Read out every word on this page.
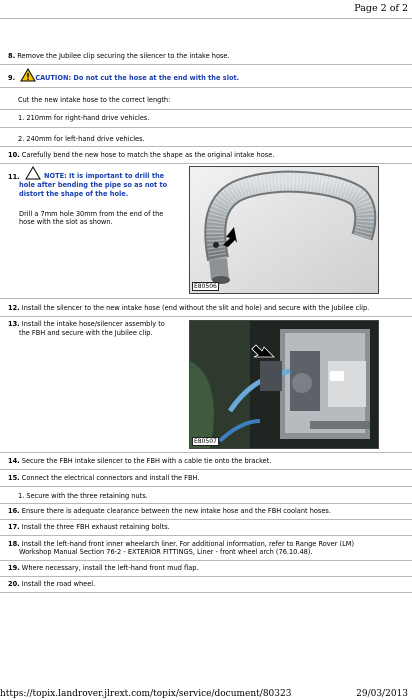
Page 2 of 2
8. Remove the Jubilee clip securing the silencer to the intake hose.
9.	CAUTION: Do not cut the hose at the end with the slot.
Cut the new intake hose to the correct length:
1. 210mm for right-hand drive vehicles.
2. 240mm for left-hand drive vehicles.
10. Carefully bend the new hose to match the shape as the original intake hose.
11.	NOTE: It is important to drill the
hole after bending the pipe so as not to
distort the shape of the hole.
Drill a 7mm hole 30mm from the end of the
hose with the slot as shown.
E80506
12. Install the silencer to the new intake hose (end without the slit and hole) and secure with the Jubilee clip.
13. Install the intake hose/silencer assembly to
the FBH and secure with the Jubilee clip.
E80507
14. Secure the FBH intake silencer to the FBH with a cable tie onto the bracket.
15. Connect the electrical connectors and install the FBH.
1. Secure with the three retaining nuts.
16. Ensure there is adequate clearance between the new intake hose and the FBH coolant hoses.
17. Install the three FBH exhaust retaining bolts.
18. Install the left-hand front inner wheelarch liner. For additional information, refer to Range Rover (LM)
Workshop Manual Section 76-2 - EXTERIOR FITTINGS, Liner - front wheel arch (76.10.48).
19. Where necessary, install the left-hand front mud flap.
20. Install the road wheel.
https://topix.landrover.jlrext.com/topix/service/document/80323	29/03/2013
